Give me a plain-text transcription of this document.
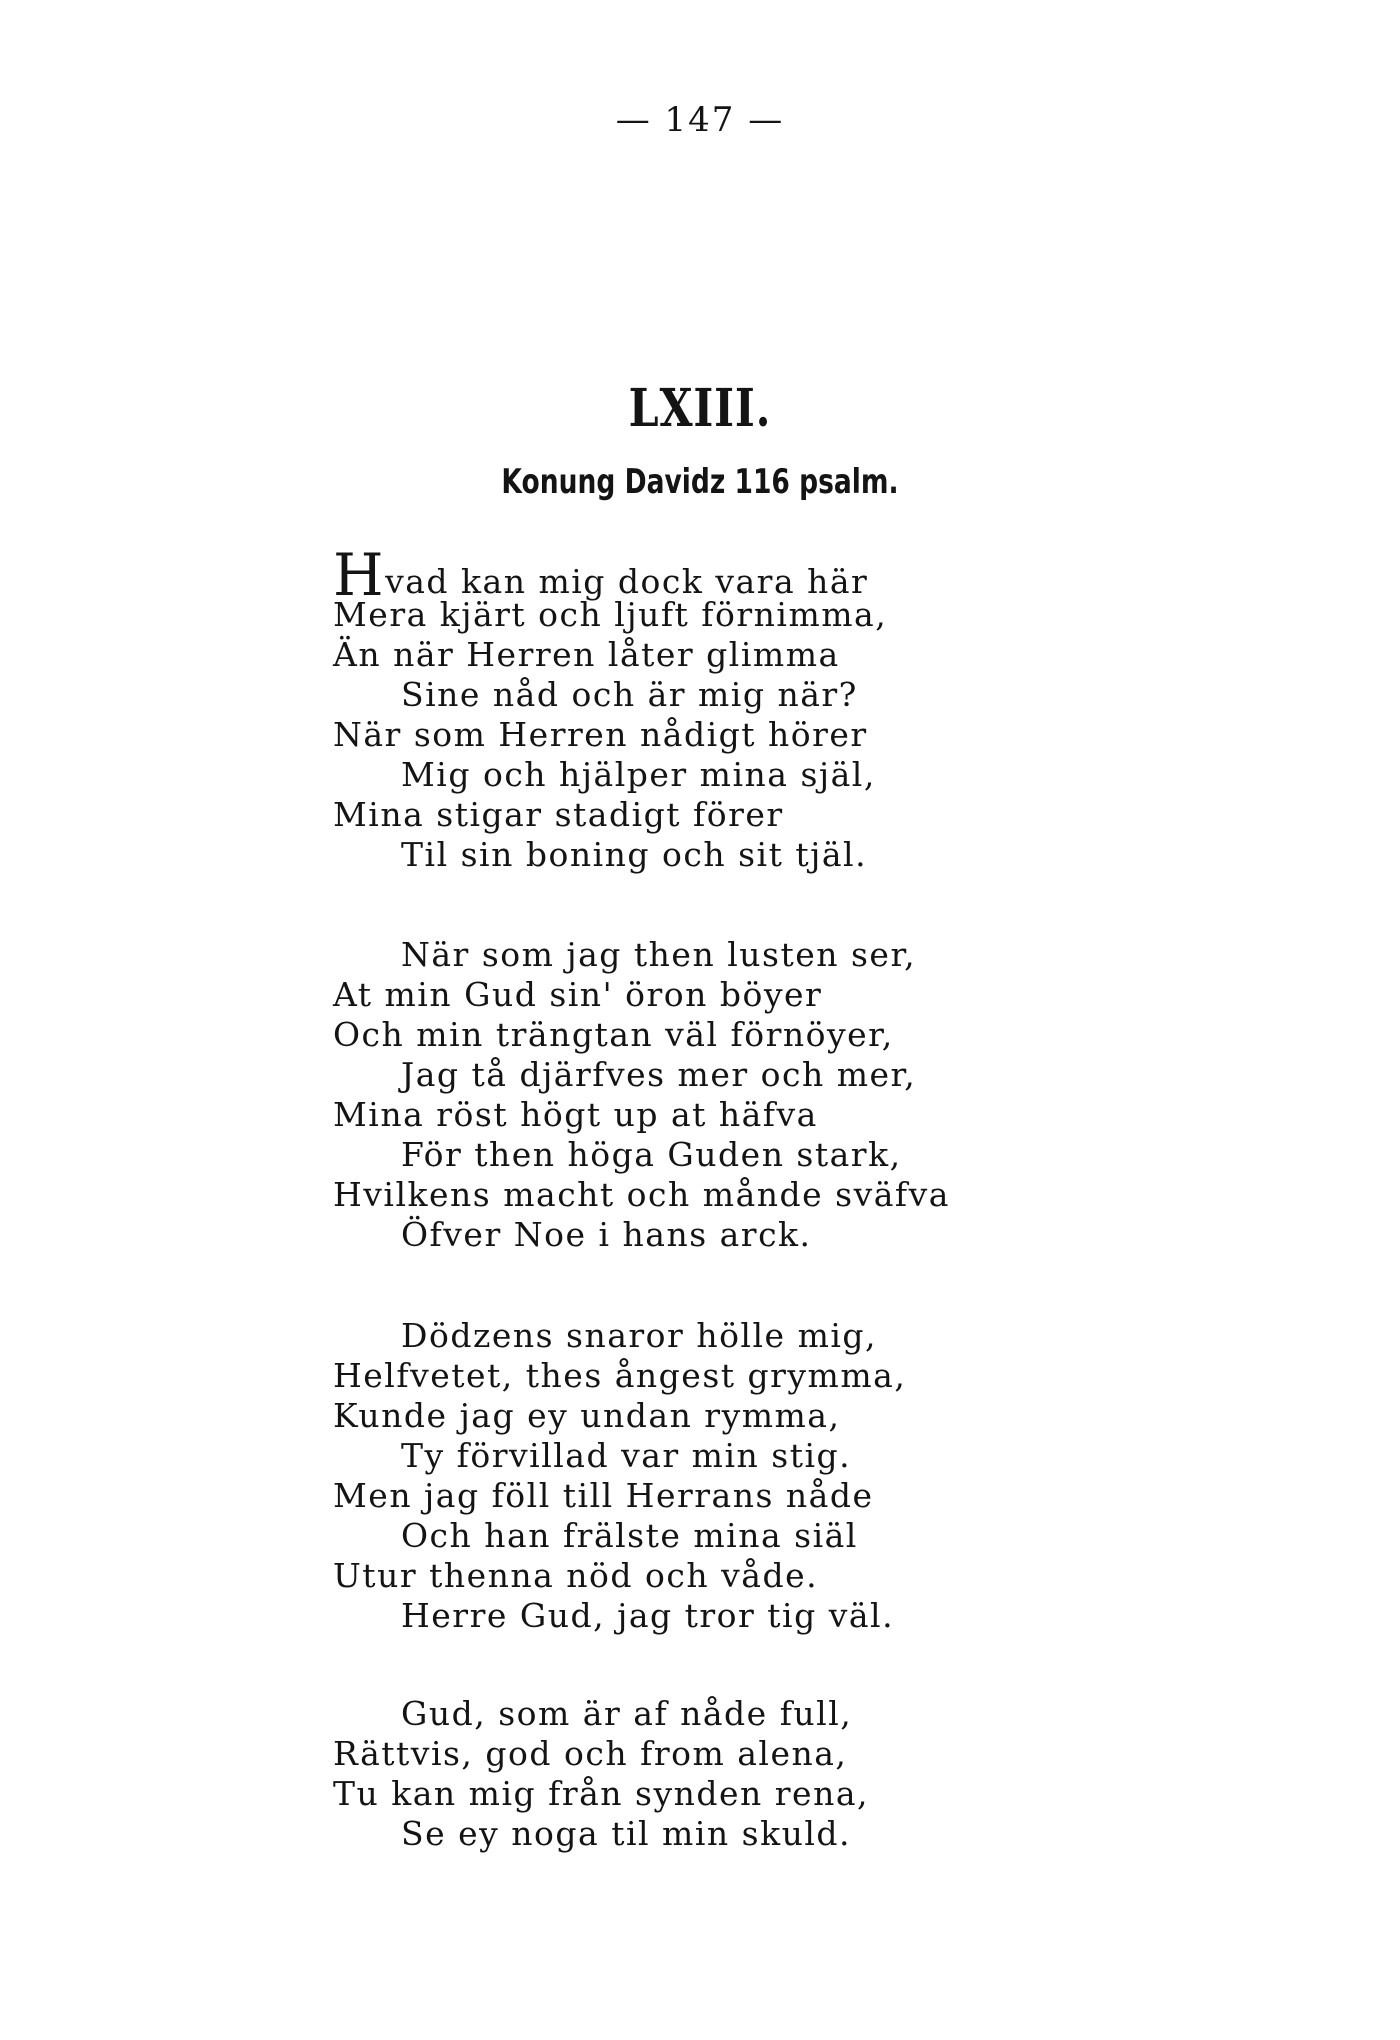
— 147 —
LXIII.
Konung Davidz 116 psalm.
Hvad kan mig dock vara här
Mera kjärt och ljuft förnimma,
Än när Herren låter glimma
Sine nåd och är mig när?
När som Herren nådigt hörer
Mig och hjälper mina själ,
Mina stigar stadigt förer
Til sin boning och sit tjäl.
När som jag then lusten ser,
At min Gud sin' öron böyer
Och min trängtan väl förnöyer,
Jag tå djärfves mer och mer,
Mina röst högt up at häfva
För then höga Guden stark,
Hvilkens macht och månde sväfva
Öfver Noe i hans arck.
Dödzens snaror hölle mig,
Helfvetet, thes ångest grymma,
Kunde jag ey undan rymma,
Ty förvillad var min stig.
Men jag föll till Herrans nåde
Och han frälste mina siäl
Utur thenna nöd och våde.
Herre Gud, jag tror tig väl.
Gud, som är af nåde full,
Rättvis, god och from alena,
Tu kan mig från synden rena,
Se ey noga til min skuld.
